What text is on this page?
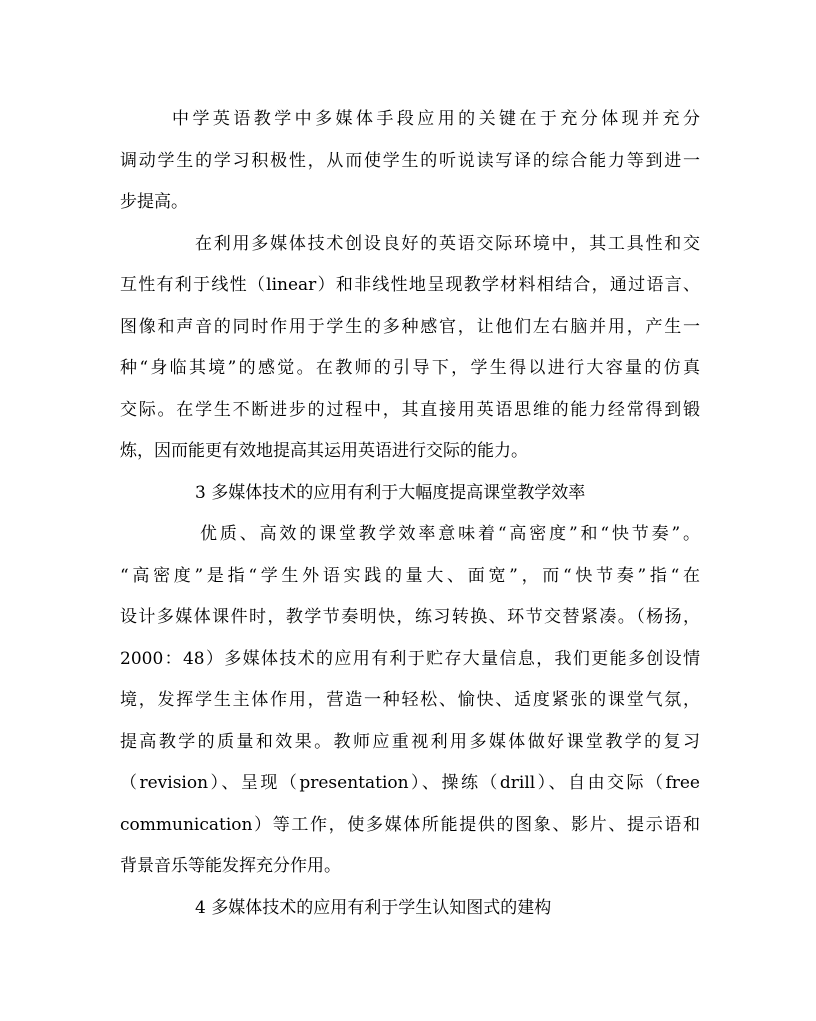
中学英语教学中多媒体手段应用的关键在于充分体现并充分
调动学生的学习积极性，从而使学生的听说读写译的综合能力等到进一
步提高。
在利用多媒体技术创设良好的英语交际环境中，其工具性和交
互性有利于线性（linear）和非线性地呈现教学材料相结合，通过语言、
图像和声音的同时作用于学生的多种感官，让他们左右脑并用，产生一
种“身临其境”的感觉。在教师的引导下，学生得以进行大容量的仿真
交际。在学生不断进步的过程中，其直接用英语思维的能力经常得到锻
炼，因而能更有效地提高其运用英语进行交际的能力。
3 多媒体技术的应用有利于大幅度提高课堂教学效率
优质、高效的课堂教学效率意味着“高密度”和“快节奏”。
“高密度”是指“学生外语实践的量大、面宽”，而“快节奏”指“在
设计多媒体课件时，教学节奏明快，练习转换、环节交替紧凑。（杨扬，
2000：48）多媒体技术的应用有利于贮存大量信息，我们更能多创设情
境，发挥学生主体作用，营造一种轻松、愉快、适度紧张的课堂气氛，
提高教学的质量和效果。教师应重视利用多媒体做好课堂教学的复习
（revision）、呈现（presentation）、操练（drill）、自由交际（free
communication）等工作，使多媒体所能提供的图象、影片、提示语和
背景音乐等能发挥充分作用。
4 多媒体技术的应用有利于学生认知图式的建构
